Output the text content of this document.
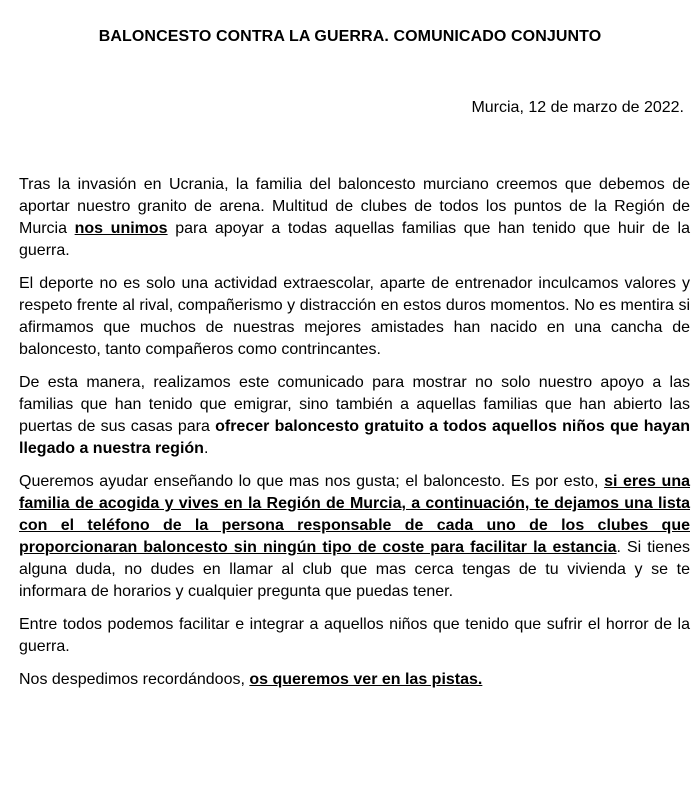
BALONCESTO CONTRA LA GUERRA. COMUNICADO CONJUNTO
Murcia, 12 de marzo de 2022.

Tras la invasión en Ucrania, la familia del baloncesto murciano creemos que debemos de aportar nuestro granito de arena. Multitud de clubes de todos los puntos de la Región de Murcia nos unimos para apoyar a todas aquellas familias que han tenido que huir de la guerra.

El deporte no es solo una actividad extraescolar, aparte de entrenador inculcamos valores y respeto frente al rival, compañerismo y distracción en estos duros momentos. No es mentira si afirmamos que muchos de nuestras mejores amistades han nacido en una cancha de baloncesto, tanto compañeros como contrincantes.

De esta manera, realizamos este comunicado para mostrar no solo nuestro apoyo a las familias que han tenido que emigrar, sino también a aquellas familias que han abierto las puertas de sus casas para ofrecer baloncesto gratuito a todos aquellos niños que hayan llegado a nuestra región.

Queremos ayudar enseñando lo que mas nos gusta; el baloncesto. Es por esto, si eres una familia de acogida y vives en la Región de Murcia, a continuación, te dejamos una lista con el teléfono de la persona responsable de cada uno de los clubes que proporcionaran baloncesto sin ningún tipo de coste para facilitar la estancia. Si tienes alguna duda, no dudes en llamar al club que mas cerca tengas de tu vivienda y se te informara de horarios y cualquier pregunta que puedas tener.

Entre todos podemos facilitar e integrar a aquellos niños que tenido que sufrir el horror de la guerra.

Nos despedimos recordándoos, os queremos ver en las pistas.
